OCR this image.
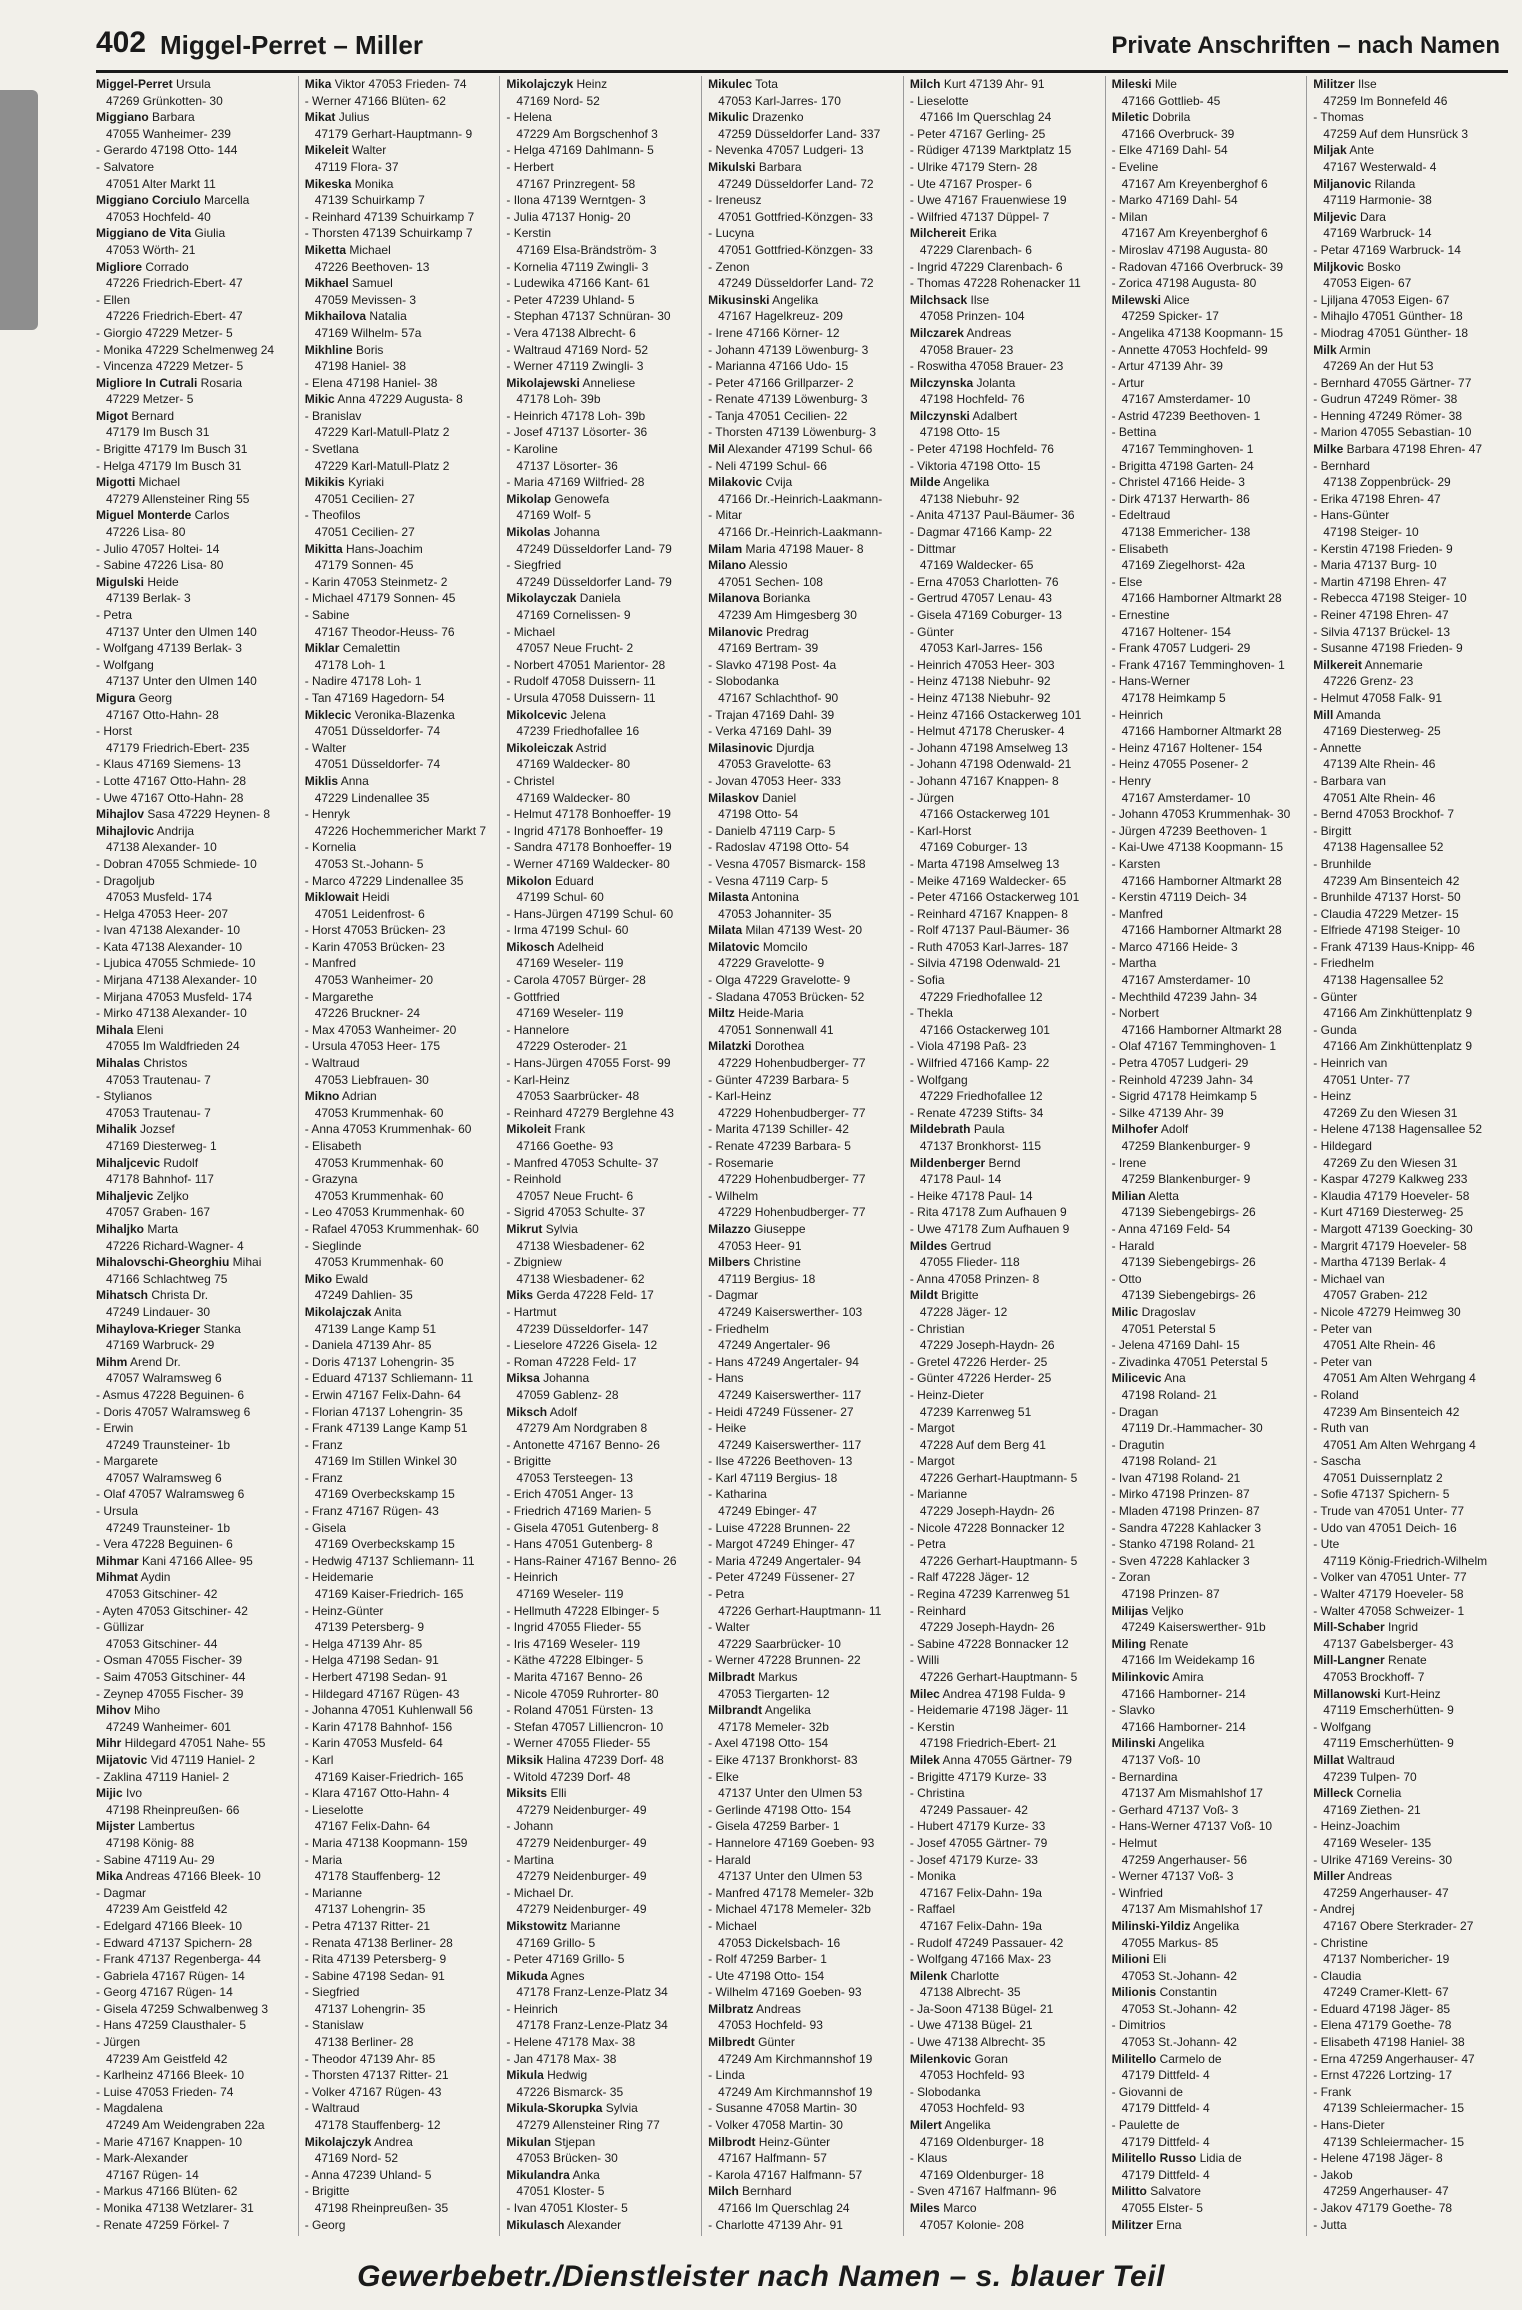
402 Miggel-Perret – Miller	Private Anschriften – nach Namen
Miggel-Perret Ursula
47269 Grünkotten- 30
Miggiano Barbara
47055 Wanheimer- 239
- Gerardo 47198 Otto- 144
- Salvatore
47051 Alter Markt 11
Miggiano Corciulo Marcella
47053 Hochfeld- 40
Miggiano de Vita Giulia
47053 Wörth- 21
Migliore Corrado
47226 Friedrich-Ebert- 47
- Ellen
47226 Friedrich-Ebert- 47
- Giorgio 47229 Metzer- 5
- Monika 47229 Schelmenweg 24
- Vincenza 47229 Metzer- 5
Migliore In Cutrali Rosaria
47229 Metzer- 5
Migot Bernard
47179 Im Busch 31
- Brigitte 47179 Im Busch 31
- Helga 47179 Im Busch 31
Migotti Michael
47279 Allensteiner Ring 55
Miguel Monterde Carlos
47226 Lisa- 80
- Julio 47057 Holtei- 14
- Sabine 47226 Lisa- 80
Migulski Heide
47139 Berlak- 3
- Petra
47137 Unter den Ulmen 140
- Wolfgang 47139 Berlak- 3
- Wolfgang
47137 Unter den Ulmen 140
Migura Georg
47167 Otto-Hahn- 28
- Horst
47179 Friedrich-Ebert- 235
- Klaus 47169 Siemens- 13
- Lotte 47167 Otto-Hahn- 28
- Uwe 47167 Otto-Hahn- 28
Mihajlov Sasa 47229 Heynen- 8
Mihajlovic Andrija
47138 Alexander- 10
- Dobran 47055 Schmiede- 10
- Dragoljub
47053 Musfeld- 174
- Helga 47053 Heer- 207
- Ivan 47138 Alexander- 10
- Kata 47138 Alexander- 10
- Ljubica 47055 Schmiede- 10
- Mirjana 47138 Alexander- 10
- Mirjana 47053 Musfeld- 174
- Mirko 47138 Alexander- 10
Mihala Eleni
47055 Im Waldfrieden 24
Mihalas Christos
47053 Trautenau- 7
- Stylianos
47053 Trautenau- 7
Mihalik Jozsef
47169 Diesterweg- 1
Mihaljcevic Rudolf
47178 Bahnhof- 117
Mihaljevic Zeljko
47057 Graben- 167
Mihaljko Marta
47226 Richard-Wagner- 4
Mihalovschi-Gheorghiu Mihai
47166 Schlachtweg 75
Mihatsch Christa Dr.
47249 Lindauer- 30
Mihaylova-Krieger Stanka
47169 Warbruck- 29
Mihm Arend Dr.
47057 Walramsweg 6
- Asmus 47228 Beguinen- 6
- Doris 47057 Walramsweg 6
- Erwin
47249 Traunsteiner- 1b
- Margarete
47057 Walramsweg 6
- Olaf 47057 Walramsweg 6
- Ursula
47249 Traunsteiner- 1b
- Vera 47228 Beguinen- 6
Mihmar Kani 47166 Allee- 95
Mihmat Aydin
47053 Gitschiner- 42
- Ayten 47053 Gitschiner- 42
- Güllizar
47053 Gitschiner- 44
- Osman 47055 Fischer- 39
- Saim 47053 Gitschiner- 44
- Zeynep 47055 Fischer- 39
Mihov Miho
47249 Wanheimer- 601
Mihr Hildegard 47051 Nahe- 55
Mijatovic Vid 47119 Haniel- 2
- Zaklina 47119 Haniel- 2
Mijic Ivo
47198 Rheinpreußen- 66
Mijster Lambertus
47198 König- 88
- Sabine 47119 Au- 29
Mika Andreas 47166 Bleek- 10
- Dagmar
47239 Am Geistfeld 42
- Edelgard 47166 Bleek- 10
- Edward 47137 Spichern- 28
- Frank 47137 Regenberga- 44
- Gabriela 47167 Rügen- 14
- Georg 47167 Rügen- 14
- Gisela 47259 Schwalbenweg 3
- Hans 47259 Clausthaler- 5
- Jürgen
47239 Am Geistfeld 42
- Karlheinz 47166 Bleek- 10
- Luise 47053 Frieden- 74
- Magdalena
47249 Am Weidengraben 22a
- Marie 47167 Knappen- 10
- Mark-Alexander
47167 Rügen- 14
- Markus 47166 Blüten- 62
- Monika 47138 Wetzlarer- 31
- Renate 47259 Förkel- 7
Mika Viktor 47053 Frieden- 74
- Werner 47166 Blüten- 62
Mikat Julius
47179 Gerhart-Hauptmann- 9
Mikeleit Walter
47119 Flora- 37
Mikeska Monika
47139 Schuirkamp 7
- Reinhard 47139 Schuirkamp 7
- Thorsten 47139 Schuirkamp 7
Miketta Michael
47226 Beethoven- 13
Mikhael Samuel
47059 Mevissen- 3
Mikhailova Natalia
47169 Wilhelm- 57a
Mikhline Boris
47198 Haniel- 38
- Elena 47198 Haniel- 38
Mikic Anna 47229 Augusta- 8
- Branislav
47229 Karl-Matull-Platz 2
- Svetlana
47229 Karl-Matull-Platz 2
Mikikis Kyriaki
47051 Cecilien- 27
- Theofilos
47051 Cecilien- 27
Mikitta Hans-Joachim
47179 Sonnen- 45
- Karin 47053 Steinmetz- 2
- Michael 47179 Sonnen- 45
- Sabine
47167 Theodor-Heuss- 76
Miklar Cemalettin
47178 Loh- 1
- Nadire 47178 Loh- 1
- Tan 47169 Hagedorn- 54
Miklecic Veronika-Blazenka
47051 Düsseldorfer- 74
- Walter
47051 Düsseldorfer- 74
Miklis Anna
47229 Lindenallee 35
- Henryk
47226 Hochemmericher Markt 7
- Kornelia
47053 St.-Johann- 5
- Marco 47229 Lindenallee 35
Miklowait Heidi
47051 Leidenfrost- 6
- Horst 47053 Brücken- 23
- Karin 47053 Brücken- 23
- Manfred
47053 Wanheimer- 20
- Margarethe
47226 Bruckner- 24
- Max 47053 Wanheimer- 20
- Ursula 47053 Heer- 175
- Waltraud
47053 Liebfrauen- 30
Mikno Adrian
47053 Krummenhak- 60
- Anna 47053 Krummenhak- 60
- Elisabeth
47053 Krummenhak- 60
- Grazyna
47053 Krummenhak- 60
- Leo 47053 Krummenhak- 60
- Rafael 47053 Krummenhak- 60
- Sieglinde
47053 Krummenhak- 60
Miko Ewald
47249 Dahlien- 35
Mikolajczak Anita
47139 Lange Kamp 51
- Daniela 47139 Ahr- 85
- Doris 47137 Lohengrin- 35
- Eduard 47137 Schliemann- 11
- Erwin 47167 Felix-Dahn- 64
- Florian 47137 Lohengrin- 35
- Frank 47139 Lange Kamp 51
- Franz
47169 Im Stillen Winkel 30
- Franz
47169 Overbeckskamp 15
- Franz 47167 Rügen- 43
- Gisela
47169 Overbeckskamp 15
- Hedwig 47137 Schliemann- 11
- Heidemarie
47169 Kaiser-Friedrich- 165
- Heinz-Günter
47139 Petersberg- 9
- Helga 47139 Ahr- 85
- Helga 47198 Sedan- 91
- Herbert 47198 Sedan- 91
- Hildegard 47167 Rügen- 43
- Johanna 47051 Kuhlenwall 56
- Karin 47178 Bahnhof- 156
- Karin 47053 Musfeld- 64
- Karl
47169 Kaiser-Friedrich- 165
- Klara 47167 Otto-Hahn- 4
- Lieselotte
47167 Felix-Dahn- 64
- Maria 47138 Koopmann- 159
- Maria
47178 Stauffenberg- 12
- Marianne
47137 Lohengrin- 35
- Petra 47137 Ritter- 21
- Renata 47138 Berliner- 28
- Rita 47139 Petersberg- 9
- Sabine 47198 Sedan- 91
- Siegfried
47137 Lohengrin- 35
- Stanislaw
47138 Berliner- 28
- Theodor 47139 Ahr- 85
- Thorsten 47137 Ritter- 21
- Volker 47167 Rügen- 43
- Waltraud
47178 Stauffenberg- 12
Mikolajczyk Andrea
47169 Nord- 52
- Anna 47239 Uhland- 5
- Brigitte
47198 Rheinpreußen- 35
- Georg
Mikolajczyk Heinz
47169 Nord- 52
- Helena
47229 Am Borgschenhof 3
- Helga 47169 Dahlmann- 5
- Herbert
47167 Prinzregent- 58
- Ilona 47139 Werntgen- 3
- Julia 47137 Honig- 20
- Kerstin
47169 Elsa-Brändström- 3
- Kornelia 47119 Zwingli- 3
- Ludewika 47166 Kant- 61
- Peter 47239 Uhland- 5
- Stephan 47137 Schnüran- 30
- Vera 47138 Albrecht- 6
- Waltraud 47169 Nord- 52
- Werner 47119 Zwingli- 3
Mikolajewski Anneliese
47178 Loh- 39b
- Heinrich 47178 Loh- 39b
- Josef 47137 Lösorter- 36
- Karoline
47137 Lösorter- 36
- Maria 47169 Wilfried- 28
Mikolap Genowefa
47169 Wolf- 5
Mikolas Johanna
47249 Düsseldorfer Land- 79
- Siegfried
47249 Düsseldorfer Land- 79
Mikolayczak Daniela
47169 Cornelissen- 9
- Michael
47057 Neue Frucht- 2
- Norbert 47051 Marientor- 28
- Rudolf 47058 Duissern- 11
- Ursula 47058 Duissern- 11
Mikolcevic Jelena
47239 Friedhofallee 16
Mikoleiczak Astrid
47169 Waldecker- 80
- Christel
47169 Waldecker- 80
- Helmut 47178 Bonhoeffer- 19
- Ingrid 47178 Bonhoeffer- 19
- Sandra 47178 Bonhoeffer- 19
- Werner 47169 Waldecker- 80
Mikolon Eduard
47199 Schul- 60
- Hans-Jürgen 47199 Schul- 60
- Irma 47199 Schul- 60
Mikosch Adelheid
47169 Weseler- 119
- Carola 47057 Bürger- 28
- Gottfried
47169 Weseler- 119
- Hannelore
47229 Osteroder- 21
- Hans-Jürgen 47055 Forst- 99
- Karl-Heinz
47053 Saarbrücker- 48
- Reinhard 47279 Berglehne 43
Mikoleit Frank
47166 Goethe- 93
- Manfred 47053 Schulte- 37
- Reinhold
47057 Neue Frucht- 6
- Sigrid 47053 Schulte- 37
Mikrut Sylvia
47138 Wiesbadener- 62
- Zbigniew
47138 Wiesbadener- 62
Miks Gerda 47228 Feld- 17
- Hartmut
47239 Düsseldorfer- 147
- Lieselore 47226 Gisela- 12
- Roman 47228 Feld- 17
Miksa Johanna
47059 Gablenz- 28
Miksch Adolf
47279 Am Nordgraben 8
- Antonette 47167 Benno- 26
- Brigitte
47053 Tersteegen- 13
- Erich 47051 Anger- 13
- Friedrich 47169 Marien- 5
- Gisela 47051 Gutenberg- 8
- Hans 47051 Gutenberg- 8
- Hans-Rainer 47167 Benno- 26
- Heinrich
47169 Weseler- 119
- Hellmuth 47228 Elbinger- 5
- Ingrid 47055 Flieder- 55
- Iris 47169 Weseler- 119
- Käthe 47228 Elbinger- 5
- Marita 47167 Benno- 26
- Nicole 47059 Ruhrorter- 80
- Roland 47051 Fürsten- 13
- Stefan 47057 Lilliencron- 10
- Werner 47055 Flieder- 55
Miksik Halina 47239 Dorf- 48
- Witold 47239 Dorf- 48
Miksits Elli
47279 Neidenburger- 49
- Johann
47279 Neidenburger- 49
- Martina
47279 Neidenburger- 49
- Michael Dr.
47279 Neidenburger- 49
Mikstowitz Marianne
47169 Grillo- 5
- Peter 47169 Grillo- 5
Mikuda Agnes
47178 Franz-Lenze-Platz 34
- Heinrich
47178 Franz-Lenze-Platz 34
- Helene 47178 Max- 38
- Jan 47178 Max- 38
Mikula Hedwig
47226 Bismarck- 35
Mikula-Skorupka Sylvia
47279 Allensteiner Ring 77
Mikulan Stjepan
47053 Brücken- 30
Mikulandra Anka
47051 Kloster- 5
- Ivan 47051 Kloster- 5
Mikulasch Alexander
Mikulec Tota
47053 Karl-Jarres- 170
Mikulic Drazenko
47259 Düsseldorfer Land- 337
- Nevenka 47057 Ludgeri- 13
Mikulski Barbara
47249 Düsseldorfer Land- 72
- Ireneusz
47051 Gottfried-Könzgen- 33
- Lucyna
47051 Gottfried-Könzgen- 33
- Zenon
47249 Düsseldorfer Land- 72
Mikusinski Angelika
47167 Hagelkreuz- 209
- Irene 47166 Körner- 12
- Johann 47139 Löwenburg- 3
- Marianna 47166 Udo- 15
- Peter 47166 Grillparzer- 2
- Renate 47139 Löwenburg- 3
- Tanja 47051 Cecilien- 22
- Thorsten 47139 Löwenburg- 3
Mil Alexander 47199 Schul- 66
- Neli 47199 Schul- 66
Milakovic Cvija
47166 Dr.-Heinrich-Laakmann-
- Mitar
47166 Dr.-Heinrich-Laakmann-
Milam Maria 47198 Mauer- 8
Milano Alessio
47051 Sechen- 108
Milanova Borianka
47239 Am Himgesberg 30
Milanovic Predrag
47169 Bertram- 39
- Slavko 47198 Post- 4a
- Slobodanka
47167 Schlachthof- 90
- Trajan 47169 Dahl- 39
- Verka 47169 Dahl- 39
Milasinovic Djurdja
47053 Gravelotte- 63
- Jovan 47053 Heer- 333
Milaskov Daniel
47198 Otto- 54
- Danielb 47119 Carp- 5
- Radoslav 47198 Otto- 54
- Vesna 47057 Bismarck- 158
- Vesna 47119 Carp- 5
Milasta Antonina
47053 Johanniter- 35
Milata Milan 47139 West- 20
Milatovic Momcilo
47229 Gravelotte- 9
- Olga 47229 Gravelotte- 9
- Sladana 47053 Brücken- 52
Miltz Heide-Maria
47051 Sonnenwall 41
Milatzki Dorothea
47229 Hohenbudberger- 77
- Günter 47239 Barbara- 5
- Karl-Heinz
47229 Hohenbudberger- 77
- Marita 47139 Schiller- 42
- Renate 47239 Barbara- 5
- Rosemarie
47229 Hohenbudberger- 77
- Wilhelm
47229 Hohenbudberger- 77
Milazzo Giuseppe
47053 Heer- 91
Milbers Christine
47119 Bergius- 18
- Dagmar
47249 Kaiserswerther- 103
- Friedhelm
47249 Angertaler- 96
- Hans 47249 Angertaler- 94
- Hans
47249 Kaiserswerther- 117
- Heidi 47249 Füssener- 27
- Heike
47249 Kaiserswerther- 117
- Ilse 47226 Beethoven- 13
- Karl 47119 Bergius- 18
- Katharina
47249 Ebinger- 47
- Luise 47228 Brunnen- 22
- Margot 47249 Ehinger- 47
- Maria 47249 Angertaler- 94
- Peter 47249 Füssener- 27
- Petra
47226 Gerhart-Hauptmann- 11
- Walter
47229 Saarbrücker- 10
- Werner 47228 Brunnen- 22
Milbradt Markus
47053 Tiergarten- 12
Milbrandt Angelika
47178 Memeler- 32b
- Axel 47198 Otto- 154
- Eike 47137 Bronkhorst- 83
- Elke
47137 Unter den Ulmen 53
- Gerlinde 47198 Otto- 154
- Gisela 47259 Barber- 1
- Hannelore 47169 Goeben- 93
- Harald
47137 Unter den Ulmen 53
- Manfred 47178 Memeler- 32b
- Michael 47178 Memeler- 32b
- Michael
47053 Dickelsbach- 16
- Rolf 47259 Barber- 1
- Ute 47198 Otto- 154
- Wilhelm 47169 Goeben- 93
Milbratz Andreas
47053 Hochfeld- 93
Milbredt Günter
47249 Am Kirchmannshof 19
- Linda
47249 Am Kirchmannshof 19
- Susanne 47058 Martin- 30
- Volker 47058 Martin- 30
Milbrodt Heinz-Günter
47167 Halfmann- 57
- Karola 47167 Halfmann- 57
Milch Bernhard
47166 Im Querschlag 24
- Charlotte 47139 Ahr- 91
Milch Kurt 47139 Ahr- 91
- Lieselotte
47166 Im Querschlag 24
- Peter 47167 Gerling- 25
- Rüdiger 47139 Marktplatz 15
- Ulrike 47179 Stern- 28
- Ute 47167 Prosper- 6
- Uwe 47167 Frauenwiese 19
- Wilfried 47137 Düppel- 7
Milchereit Erika
47229 Clarenbach- 6
- Ingrid 47229 Clarenbach- 6
- Thomas 47228 Rohenacker 11
Milchsack Ilse
47058 Prinzen- 104
Milczarek Andreas
47058 Brauer- 23
- Roswitha 47058 Brauer- 23
Milczynska Jolanta
47198 Hochfeld- 76
Milczynski Adalbert
47198 Otto- 15
- Peter 47198 Hochfeld- 76
- Viktoria 47198 Otto- 15
Milde Angelika
47138 Niebuhr- 92
- Anita 47137 Paul-Bäumer- 36
- Dagmar 47166 Kamp- 22
- Dittmar
47169 Waldecker- 65
- Erna 47053 Charlotten- 76
- Gertrud 47057 Lenau- 43
- Gisela 47169 Coburger- 13
- Günter
47053 Karl-Jarres- 156
- Heinrich 47053 Heer- 303
- Heinz 47138 Niebuhr- 92
- Heinz 47138 Niebuhr- 92
- Heinz 47166 Ostackerweg 101
- Helmut 47178 Cherusker- 4
- Johann 47198 Amselweg 13
- Johann 47198 Odenwald- 21
- Johann 47167 Knappen- 8
- Jürgen
47166 Ostackerweg 101
- Karl-Horst
47169 Coburger- 13
- Marta 47198 Amselweg 13
- Meike 47169 Waldecker- 65
- Peter 47166 Ostackerweg 101
- Reinhard 47167 Knappen- 8
- Rolf 47137 Paul-Bäumer- 36
- Ruth 47053 Karl-Jarres- 187
- Silvia 47198 Odenwald- 21
- Sofia
47229 Friedhofallee 12
- Thekla
47166 Ostackerweg 101
- Viola 47198 Paß- 23
- Wilfried 47166 Kamp- 22
- Wolfgang
47229 Friedhofallee 12
- Renate 47239 Stifts- 34
Mildebrath Paula
47137 Bronkhorst- 115
Mildenberger Bernd
47178 Paul- 14
- Heike 47178 Paul- 14
- Rita 47178 Zum Aufhauen 9
- Uwe 47178 Zum Aufhauen 9
Mildes Gertrud
47055 Flieder- 118
- Anna 47058 Prinzen- 8
Mildt Brigitte
47228 Jäger- 12
- Christian
47229 Joseph-Haydn- 26
- Gretel 47226 Herder- 25
- Günter 47226 Herder- 25
- Heinz-Dieter
47239 Karrenweg 51
- Margot
47228 Auf dem Berg 41
- Margot
47226 Gerhart-Hauptmann- 5
- Marianne
47229 Joseph-Haydn- 26
- Nicole 47228 Bonnacker 12
- Petra
47226 Gerhart-Hauptmann- 5
- Ralf 47228 Jäger- 12
- Regina 47239 Karrenweg 51
- Reinhard
47229 Joseph-Haydn- 26
- Sabine 47228 Bonnacker 12
- Willi
47226 Gerhart-Hauptmann- 5
Milec Andrea 47198 Fulda- 9
- Heidemarie 47198 Jäger- 11
- Kerstin
47198 Friedrich-Ebert- 21
Milek Anna 47055 Gärtner- 79
- Brigitte 47179 Kurze- 33
- Christina
47249 Passauer- 42
- Hubert 47179 Kurze- 33
- Josef 47055 Gärtner- 79
- Josef 47179 Kurze- 33
- Monika
47167 Felix-Dahn- 19a
- Raffael
47167 Felix-Dahn- 19a
- Rudolf 47249 Passauer- 42
- Wolfgang 47166 Max- 23
Milenk Charlotte
47138 Albrecht- 35
- Ja-Soon 47138 Bügel- 21
- Uwe 47138 Bügel- 21
- Uwe 47138 Albrecht- 35
Milenkovic Goran
47053 Hochfeld- 93
- Slobodanka
47053 Hochfeld- 93
Milert Angelika
47169 Oldenburger- 18
- Klaus
47169 Oldenburger- 18
- Sven 47167 Halfmann- 96
Miles Marco
47057 Kolonie- 208
Mileski Mile
47166 Gottlieb- 45
Miletic Dobrila
47166 Overbruck- 39
- Elke 47169 Dahl- 54
- Eveline
47167 Am Kreyenberghof 6
- Marko 47169 Dahl- 54
- Milan
47167 Am Kreyenberghof 6
- Miroslav 47198 Augusta- 80
- Radovan 47166 Overbruck- 39
- Zorica 47198 Augusta- 80
Milewski Alice
47259 Spicker- 17
- Angelika 47138 Koopmann- 15
- Annette 47053 Hochfeld- 99
- Artur 47139 Ahr- 39
- Artur
47167 Amsterdamer- 10
- Astrid 47239 Beethoven- 1
- Bettina
47167 Temminghoven- 1
- Brigitta 47198 Garten- 24
- Christel 47166 Heide- 3
- Dirk 47137 Herwarth- 86
- Edeltraud
47138 Emmericher- 138
- Elisabeth
47169 Ziegelhorst- 42a
- Else
47166 Hamborner Altmarkt 28
- Ernestine
47167 Holtener- 154
- Frank 47057 Ludgeri- 29
- Frank 47167 Temminghoven- 1
- Hans-Werner
47178 Heimkamp 5
- Heinrich
47166 Hamborner Altmarkt 28
- Heinz 47167 Holtener- 154
- Heinz 47055 Posener- 2
- Henry
47167 Amsterdamer- 10
- Johann 47053 Krummenhak- 30
- Jürgen 47239 Beethoven- 1
- Kai-Uwe 47138 Koopmann- 15
- Karsten
47166 Hamborner Altmarkt 28
- Kerstin 47119 Deich- 34
- Manfred
47166 Hamborner Altmarkt 28
- Marco 47166 Heide- 3
- Martha
47167 Amsterdamer- 10
- Mechthild 47239 Jahn- 34
- Norbert
47166 Hamborner Altmarkt 28
- Olaf 47167 Temminghoven- 1
- Petra 47057 Ludgeri- 29
- Reinhold 47239 Jahn- 34
- Sigrid 47178 Heimkamp 5
- Silke 47139 Ahr- 39
Milhofer Adolf
47259 Blankenburger- 9
- Irene
47259 Blankenburger- 9
Milian Aletta
47139 Siebengebirgs- 26
- Anna 47169 Feld- 54
- Harald
47139 Siebengebirgs- 26
- Otto
47139 Siebengebirgs- 26
Milic Dragoslav
47051 Peterstal 5
- Jelena 47169 Dahl- 15
- Zivadinka 47051 Peterstal 5
Milicevic Ana
47198 Roland- 21
- Dragan
47119 Dr.-Hammacher- 30
- Dragutin
47198 Roland- 21
- Ivan 47198 Roland- 21
- Mirko 47198 Prinzen- 87
- Mladen 47198 Prinzen- 87
- Sandra 47228 Kahlacker 3
- Stanko 47198 Roland- 21
- Sven 47228 Kahlacker 3
- Zoran
47198 Prinzen- 87
Milijas Veljko
47249 Kaiserswerther- 91b
Miling Renate
47166 Im Weidekamp 16
Milinkovic Amira
47166 Hamborner- 214
- Slavko
47166 Hamborner- 214
Milinski Angelika
47137 Voß- 10
- Bernardina
47137 Am Mismahlshof 17
- Gerhard 47137 Voß- 3
- Hans-Werner 47137 Voß- 10
- Helmut
47259 Angerhauser- 56
- Werner 47137 Voß- 3
- Winfried
47137 Am Mismahlshof 17
Milinski-Yildiz Angelika
47055 Markus- 85
Milioni Eli
47053 St.-Johann- 42
Milionis Constantin
47053 St.-Johann- 42
- Dimitrios
47053 St.-Johann- 42
Militello Carmelo de
47179 Dittfeld- 4
- Giovanni de
47179 Dittfeld- 4
- Paulette de
47179 Dittfeld- 4
Militello Russo Lidia de
47179 Dittfeld- 4
Militto Salvatore
47055 Elster- 5
Militzer Erna
Militzer Ilse
47259 Im Bonnefeld 46
- Thomas
47259 Auf dem Hunsrück 3
Miljak Ante
47167 Westerwald- 4
Miljanovic Rilanda
47119 Harmonie- 38
Miljevic Dara
47169 Warbruck- 14
- Petar 47169 Warbruck- 14
Miljkovic Bosko
47053 Eigen- 67
- Ljiljana 47053 Eigen- 67
- Mihajlo 47051 Günther- 18
- Miodrag 47051 Günther- 18
Milk Armin
47269 An der Hut 53
- Bernhard 47055 Gärtner- 77
- Gudrun 47249 Römer- 38
- Henning 47249 Römer- 38
- Marion 47055 Sebastian- 10
Milke Barbara 47198 Ehren- 47
- Bernhard
47138 Zoppenbrück- 29
- Erika 47198 Ehren- 47
- Hans-Günter
47198 Steiger- 10
- Kerstin 47198 Frieden- 9
- Maria 47137 Burg- 10
- Martin 47198 Ehren- 47
- Rebecca 47198 Steiger- 10
- Reiner 47198 Ehren- 47
- Silvia 47137 Brückel- 13
- Susanne 47198 Frieden- 9
Milkereit Annemarie
47226 Grenz- 23
- Helmut 47058 Falk- 91
Mill Amanda
47169 Diesterweg- 25
- Annette
47139 Alte Rhein- 46
- Barbara van
47051 Alte Rhein- 46
- Bernd 47053 Brockhof- 7
- Birgitt
47138 Hagensallee 52
- Brunhilde
47239 Am Binsenteich 42
- Brunhilde 47137 Horst- 50
- Claudia 47229 Metzer- 15
- Elfriede 47198 Steiger- 10
- Frank 47139 Haus-Knipp- 46
- Friedhelm
47138 Hagensallee 52
- Günter
47166 Am Zinkhüttenplatz 9
- Gunda
47166 Am Zinkhüttenplatz 9
- Heinrich van
47051 Unter- 77
- Heinz
47269 Zu den Wiesen 31
- Helene 47138 Hagensallee 52
- Hildegard
47269 Zu den Wiesen 31
- Kaspar 47279 Kalkweg 233
- Klaudia 47179 Hoeveler- 58
- Kurt 47169 Diesterweg- 25
- Margott 47139 Goecking- 30
- Margrit 47179 Hoeveler- 58
- Martha 47139 Berlak- 4
- Michael van
47057 Graben- 212
- Nicole 47279 Heimweg 30
- Peter van
47051 Alte Rhein- 46
- Peter van
47051 Am Alten Wehrgang 4
- Roland
47239 Am Binsenteich 42
- Ruth van
47051 Am Alten Wehrgang 4
- Sascha
47051 Duissernplatz 2
- Sofie 47137 Spichern- 5
- Trude van 47051 Unter- 77
- Udo van 47051 Deich- 16
- Ute
47119 König-Friedrich-Wilhelm
- Volker van 47051 Unter- 77
- Walter 47179 Hoeveler- 58
- Walter 47058 Schweizer- 1
Mill-Schaber Ingrid
47137 Gabelsberger- 43
Mill-Langner Renate
47053 Brockhoff- 7
Millanowski Kurt-Heinz
47119 Emscherhütten- 9
- Wolfgang
47119 Emscherhütten- 9
Millat Waltraud
47239 Tulpen- 70
Milleck Cornelia
47169 Ziethen- 21
- Heinz-Joachim
47169 Weseler- 135
- Ulrike 47169 Vereins- 30
Miller Andreas
47259 Angerhauser- 47
- Andrej
47167 Obere Sterkrader- 27
- Christine
47137 Nombericher- 19
- Claudia
47249 Cramer-Klett- 67
- Eduard 47198 Jäger- 85
- Elena 47179 Goethe- 78
- Elisabeth 47198 Haniel- 38
- Erna 47259 Angerhauser- 47
- Ernst 47226 Lortzing- 17
- Frank
47139 Schleiermacher- 15
- Hans-Dieter
47139 Schleiermacher- 15
- Helene 47198 Jäger- 8
- Jakob
47259 Angerhauser- 47
- Jakov 47179 Goethe- 78
- Jutta
Gewerbebetr./Dienstleister nach Namen – s. blauer Teil
